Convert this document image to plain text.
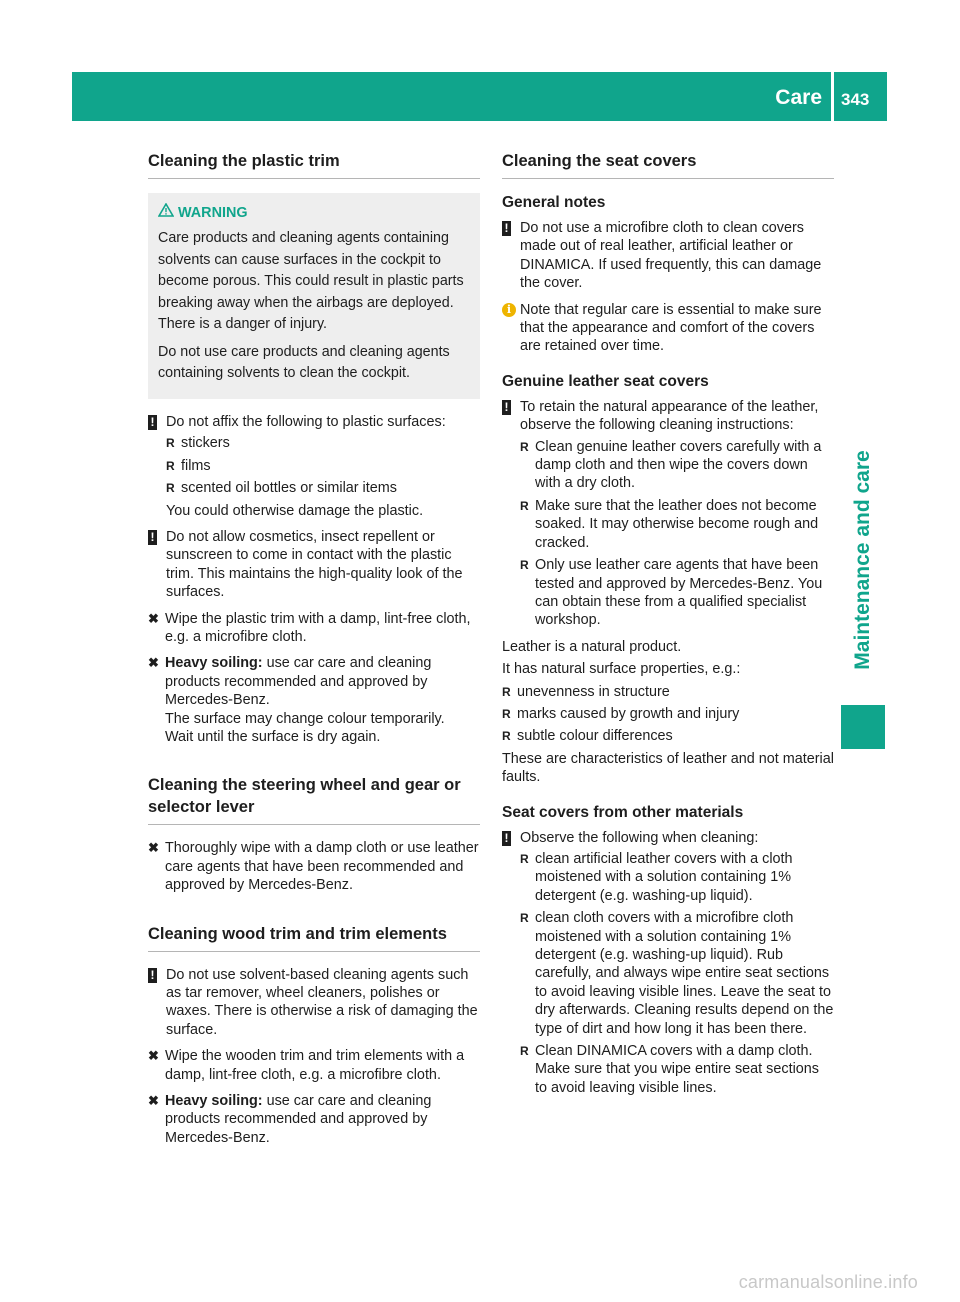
Care 343
Maintenance and care
Cleaning the plastic trim
WARNING

Care products and cleaning agents containing solvents can cause surfaces in the cockpit to become porous. This could result in plastic parts breaking away when the airbags are deployed. There is a danger of injury.

Do not use care products and cleaning agents containing solvents to clean the cockpit.

! Do not affix the following to plastic surfaces:
R stickers
R films
R scented oil bottles or similar items
You could otherwise damage the plastic.
! Do not allow cosmetics, insect repellent or sunscreen to come in contact with the plastic trim. This maintains the high-quality look of the surfaces.
✖ Wipe the plastic trim with a damp, lint-free cloth, e.g. a microfibre cloth.
✖ Heavy soiling: use car care and cleaning products recommended and approved by Mercedes-Benz.
The surface may change colour temporarily.
Wait until the surface is dry again.
Cleaning the steering wheel and gear or selector lever
✖ Thoroughly wipe with a damp cloth or use leather care agents that have been recommended and approved by Mercedes-Benz.
Cleaning wood trim and trim elements
! Do not use solvent-based cleaning agents such as tar remover, wheel cleaners, polishes or waxes. There is otherwise a risk of damaging the surface.
✖ Wipe the wooden trim and trim elements with a damp, lint-free cloth, e.g. a microfibre cloth.
✖ Heavy soiling: use car care and cleaning products recommended and approved by Mercedes-Benz.
Cleaning the seat covers
General notes
! Do not use a microfibre cloth to clean covers made out of real leather, artificial leather or DINAMICA. If used frequently, this can damage the cover.
i Note that regular care is essential to make sure that the appearance and comfort of the covers are retained over time.
Genuine leather seat covers
! To retain the natural appearance of the leather, observe the following cleaning instructions:
R Clean genuine leather covers carefully with a damp cloth and then wipe the covers down with a dry cloth.
R Make sure that the leather does not become soaked. It may otherwise become rough and cracked.
R Only use leather care agents that have been tested and approved by Mercedes-Benz. You can obtain these from a qualified specialist workshop.
Leather is a natural product.
It has natural surface properties, e.g.:
R unevenness in structure
R marks caused by growth and injury
R subtle colour differences
These are characteristics of leather and not material faults.
Seat covers from other materials
! Observe the following when cleaning:
R clean artificial leather covers with a cloth moistened with a solution containing 1% detergent (e.g. washing-up liquid).
R clean cloth covers with a microfibre cloth moistened with a solution containing 1% detergent (e.g. washing-up liquid). Rub carefully, and always wipe entire seat sections to avoid leaving visible lines. Leave the seat to dry afterwards. Cleaning results depend on the type of dirt and how long it has been there.
R Clean DINAMICA covers with a damp cloth. Make sure that you wipe entire seat sections to avoid leaving visible lines.
carmanualsonline.info
